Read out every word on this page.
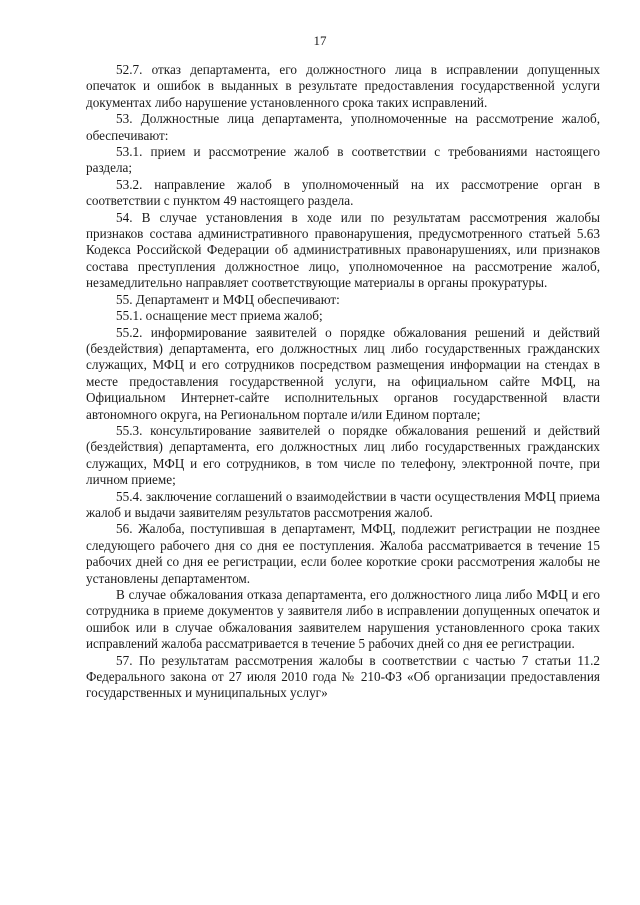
17

52.7. отказ департамента, его должностного лица в исправлении допущенных опечаток и ошибок в выданных в результате предоставления государственной услуги документах либо нарушение установленного срока таких исправлений.

53. Должностные лица департамента, уполномоченные на рассмотрение жалоб, обеспечивают:

53.1. прием и рассмотрение жалоб в соответствии с требованиями настоящего раздела;

53.2. направление жалоб в уполномоченный на их рассмотрение орган в соответствии с пунктом 49 настоящего раздела.

54. В случае установления в ходе или по результатам рассмотрения жалобы признаков состава административного правонарушения, предусмотренного статьей 5.63 Кодекса Российской Федерации об административных правонарушениях, или признаков состава преступления должностное лицо, уполномоченное на рассмотрение жалоб, незамедлительно направляет соответствующие материалы в органы прокуратуры.

55. Департамент и МФЦ обеспечивают:

55.1. оснащение мест приема жалоб;

55.2. информирование заявителей о порядке обжалования решений и действий (бездействия) департамента, его должностных лиц либо государственных гражданских служащих, МФЦ и его сотрудников посредством размещения информации на стендах в месте предоставления государственной услуги, на официальном сайте МФЦ, на Официальном Интернет-сайте исполнительных органов государственной власти автономного округа, на Региональном портале и/или Едином портале;

55.3. консультирование заявителей о порядке обжалования решений и действий (бездействия) департамента, его должностных лиц либо государственных гражданских служащих, МФЦ и его сотрудников, в том числе по телефону, электронной почте, при личном приеме;

55.4. заключение соглашений о взаимодействии в части осуществления МФЦ приема жалоб и выдачи заявителям результатов рассмотрения жалоб.

56. Жалоба, поступившая в департамент, МФЦ, подлежит регистрации не позднее следующего рабочего дня со дня ее поступления. Жалоба рассматривается в течение 15 рабочих дней со дня ее регистрации, если более короткие сроки рассмотрения жалобы не установлены департаментом.

В случае обжалования отказа департамента, его должностного лица либо МФЦ и его сотрудника в приеме документов у заявителя либо в исправлении допущенных опечаток и ошибок или в случае обжалования заявителем нарушения установленного срока таких исправлений жалоба рассматривается в течение 5 рабочих дней со дня ее регистрации.

57. По результатам рассмотрения жалобы в соответствии с частью 7 статьи 11.2 Федерального закона от 27 июля 2010 года № 210-ФЗ «Об организации предоставления государственных и муниципальных услуг»
